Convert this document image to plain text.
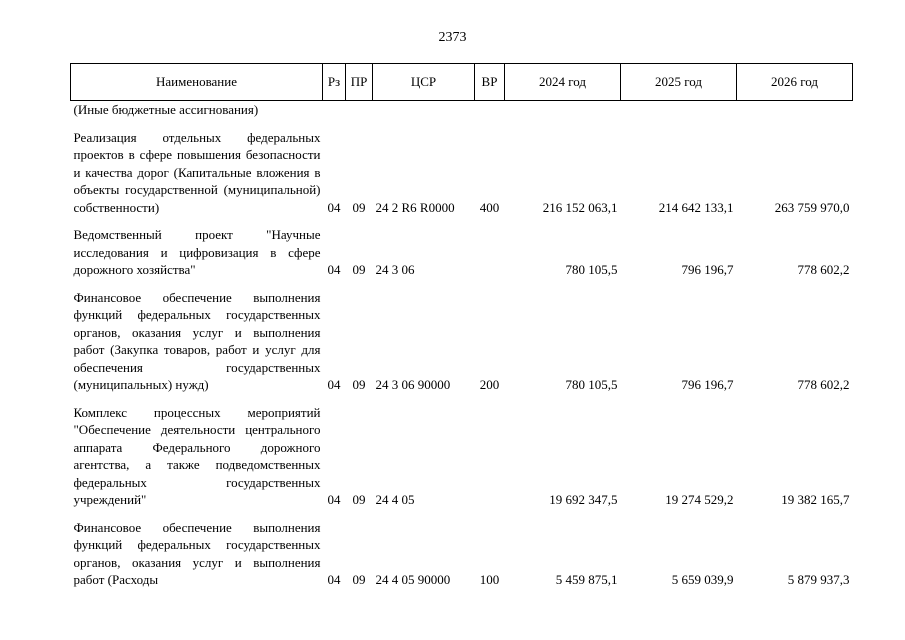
2373
Наименование	Рз	ПР	ЦСР	ВР	2024 год	2025 год	2026 год
(Иные бюджетные ассигнования)							

Реализация отдельных федеральных проектов в сфере повышения безопасности и качества дорог (Капитальные вложения в объекты государственной (муниципальной) собственности)	04	09	24 2 R6 R0000	400	216 152 063,1	214 642 133,1	263 759 970,0

Ведомственный проект "Научные исследования и цифровизация в сфере дорожного хозяйства"	04	09	24 3 06		780 105,5	796 196,7	778 602,2

Финансовое обеспечение выполнения функций федеральных государственных органов, оказания услуг и выполнения работ (Закупка товаров, работ и услуг для обеспечения государственных (муниципальных) нужд)	04	09	24 3 06 90000	200	780 105,5	796 196,7	778 602,2

Комплекс процессных мероприятий "Обеспечение деятельности центрального аппарата Федерального дорожного агентства, а также подведомственных федеральных государственных учреждений"	04	09	24 4 05		19 692 347,5	19 274 529,2	19 382 165,7

Финансовое обеспечение выполнения функций федеральных государственных органов, оказания услуг и выполнения работ (Расходы	04	09	24 4 05 90000	100	5 459 875,1	5 659 039,9	5 879 937,3
